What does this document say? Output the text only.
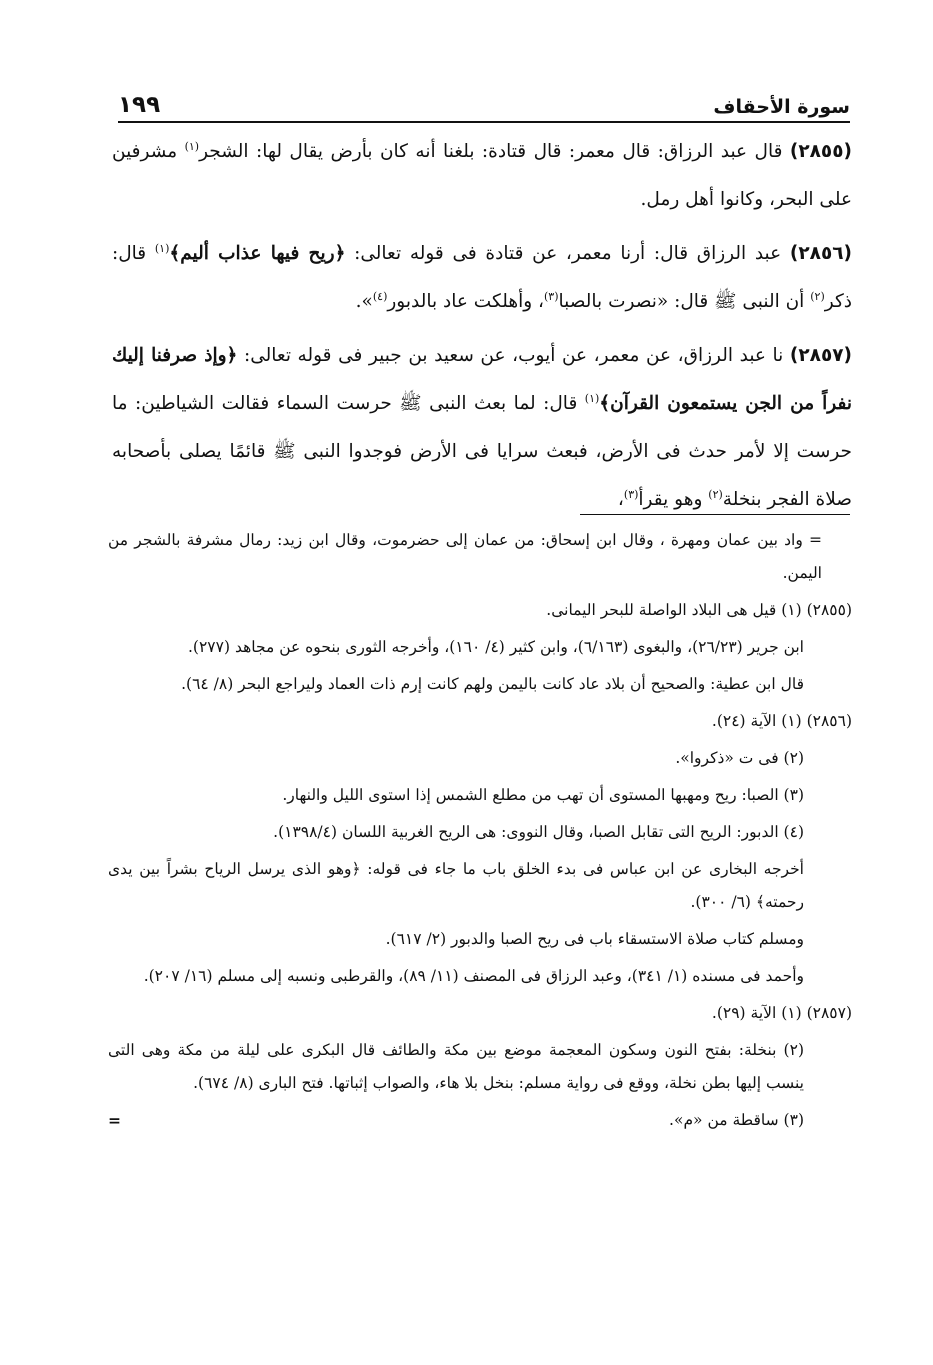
سورة الأحقاف
١٩٩

(٢٨٥٥) قال عبد الرزاق: قال معمر: قال قتادة: بلغنا أنه كان بأرض يقال لها: الشجر$^{(١)}$ مشرفين على البحر، وكانوا أهل رمل.

(٢٨٥٦) عبد الرزاق قال: أرنا معمر، عن قتادة فى قوله تعالى: ﴿ريح فيها عذاب أليم﴾$^{(١)}$ قال: ذكر$^{(٢)}$ أن النبى ﷺ قال: «نصرت بالصبا$^{(٣)}$، وأهلكت عاد بالدبور$^{(٤)}$».

(٢٨٥٧) نا عبد الرزاق، عن معمر، عن أيوب، عن سعيد بن جبير فى قوله تعالى: ﴿وإذ صرفنا إليك نفراً من الجن يستمعون القرآن﴾$^{(١)}$ قال: لما بعث النبى ﷺ حرست السماء فقالت الشياطين: ما حرست إلا لأمر حدث فى الأرض، فبعث سرايا فى الأرض فوجدوا النبى ﷺ قائمًا يصلى بأصحابه صلاة الفجر بنخلة$^{(٢)}$ وهو يقرأ$^{(٣)}$،

= واد بين عمان ومهرة ، وقال ابن إسحاق: من عمان إلى حضرموت، وقال ابن زيد: رمال مشرفة بالشجر من اليمن.

(٢٨٥٥) (١) قيل هى البلاد الواصلة للبحر اليمانى.

ابن جرير (٢٦/٢٣)، والبغوى (٦/١٦٣)، وابن كثير (٤/ ١٦٠)، وأخرجه الثورى بنحوه عن مجاهد (٢٧٧).

قال ابن عطية: والصحيح أن بلاد عاد كانت باليمن ولهم كانت إرم ذات العماد وليراجع البحر (٨/ ٦٤).

(٢٨٥٦) (١) الآية (٢٤).

(٢) فى ت «ذكروا».

(٣) الصبا: ريح ومهبها المستوى أن تهب من مطلع الشمس إذا استوى الليل والنهار.

(٤) الدبور: الريح التى تقابل الصبا، وقال النووى: هى الريح الغربية اللسان (١٣٩٨/٤).

أخرجه البخارى عن ابن عباس فى بدء الخلق باب ما جاء فى قوله: ﴿وهو الذى يرسل الرياح بشراً بين يدى رحمته﴾ (٦/ ٣٠٠).

ومسلم كتاب صلاة الاستسقاء باب فى ريح الصبا والدبور (٢/ ٦١٧).

وأحمد فى مسنده (١/ ٣٤١)، وعبد الرزاق فى المصنف (١١/ ٨٩)، والقرطبى ونسبه إلى مسلم (١٦/ ٢٠٧).

(٢٨٥٧) (١) الآية (٢٩).

(٢) بنخلة: بفتح النون وسكون المعجمة موضع بين مكة والطائف قال البكرى على ليلة من مكة وهى التى ينسب إليها بطن نخلة، ووقع فى رواية مسلم: بنخل بلا هاء، والصواب إثباتها. فتح البارى (٨/ ٦٧٤).

(٣) ساقطة من «م».
=
